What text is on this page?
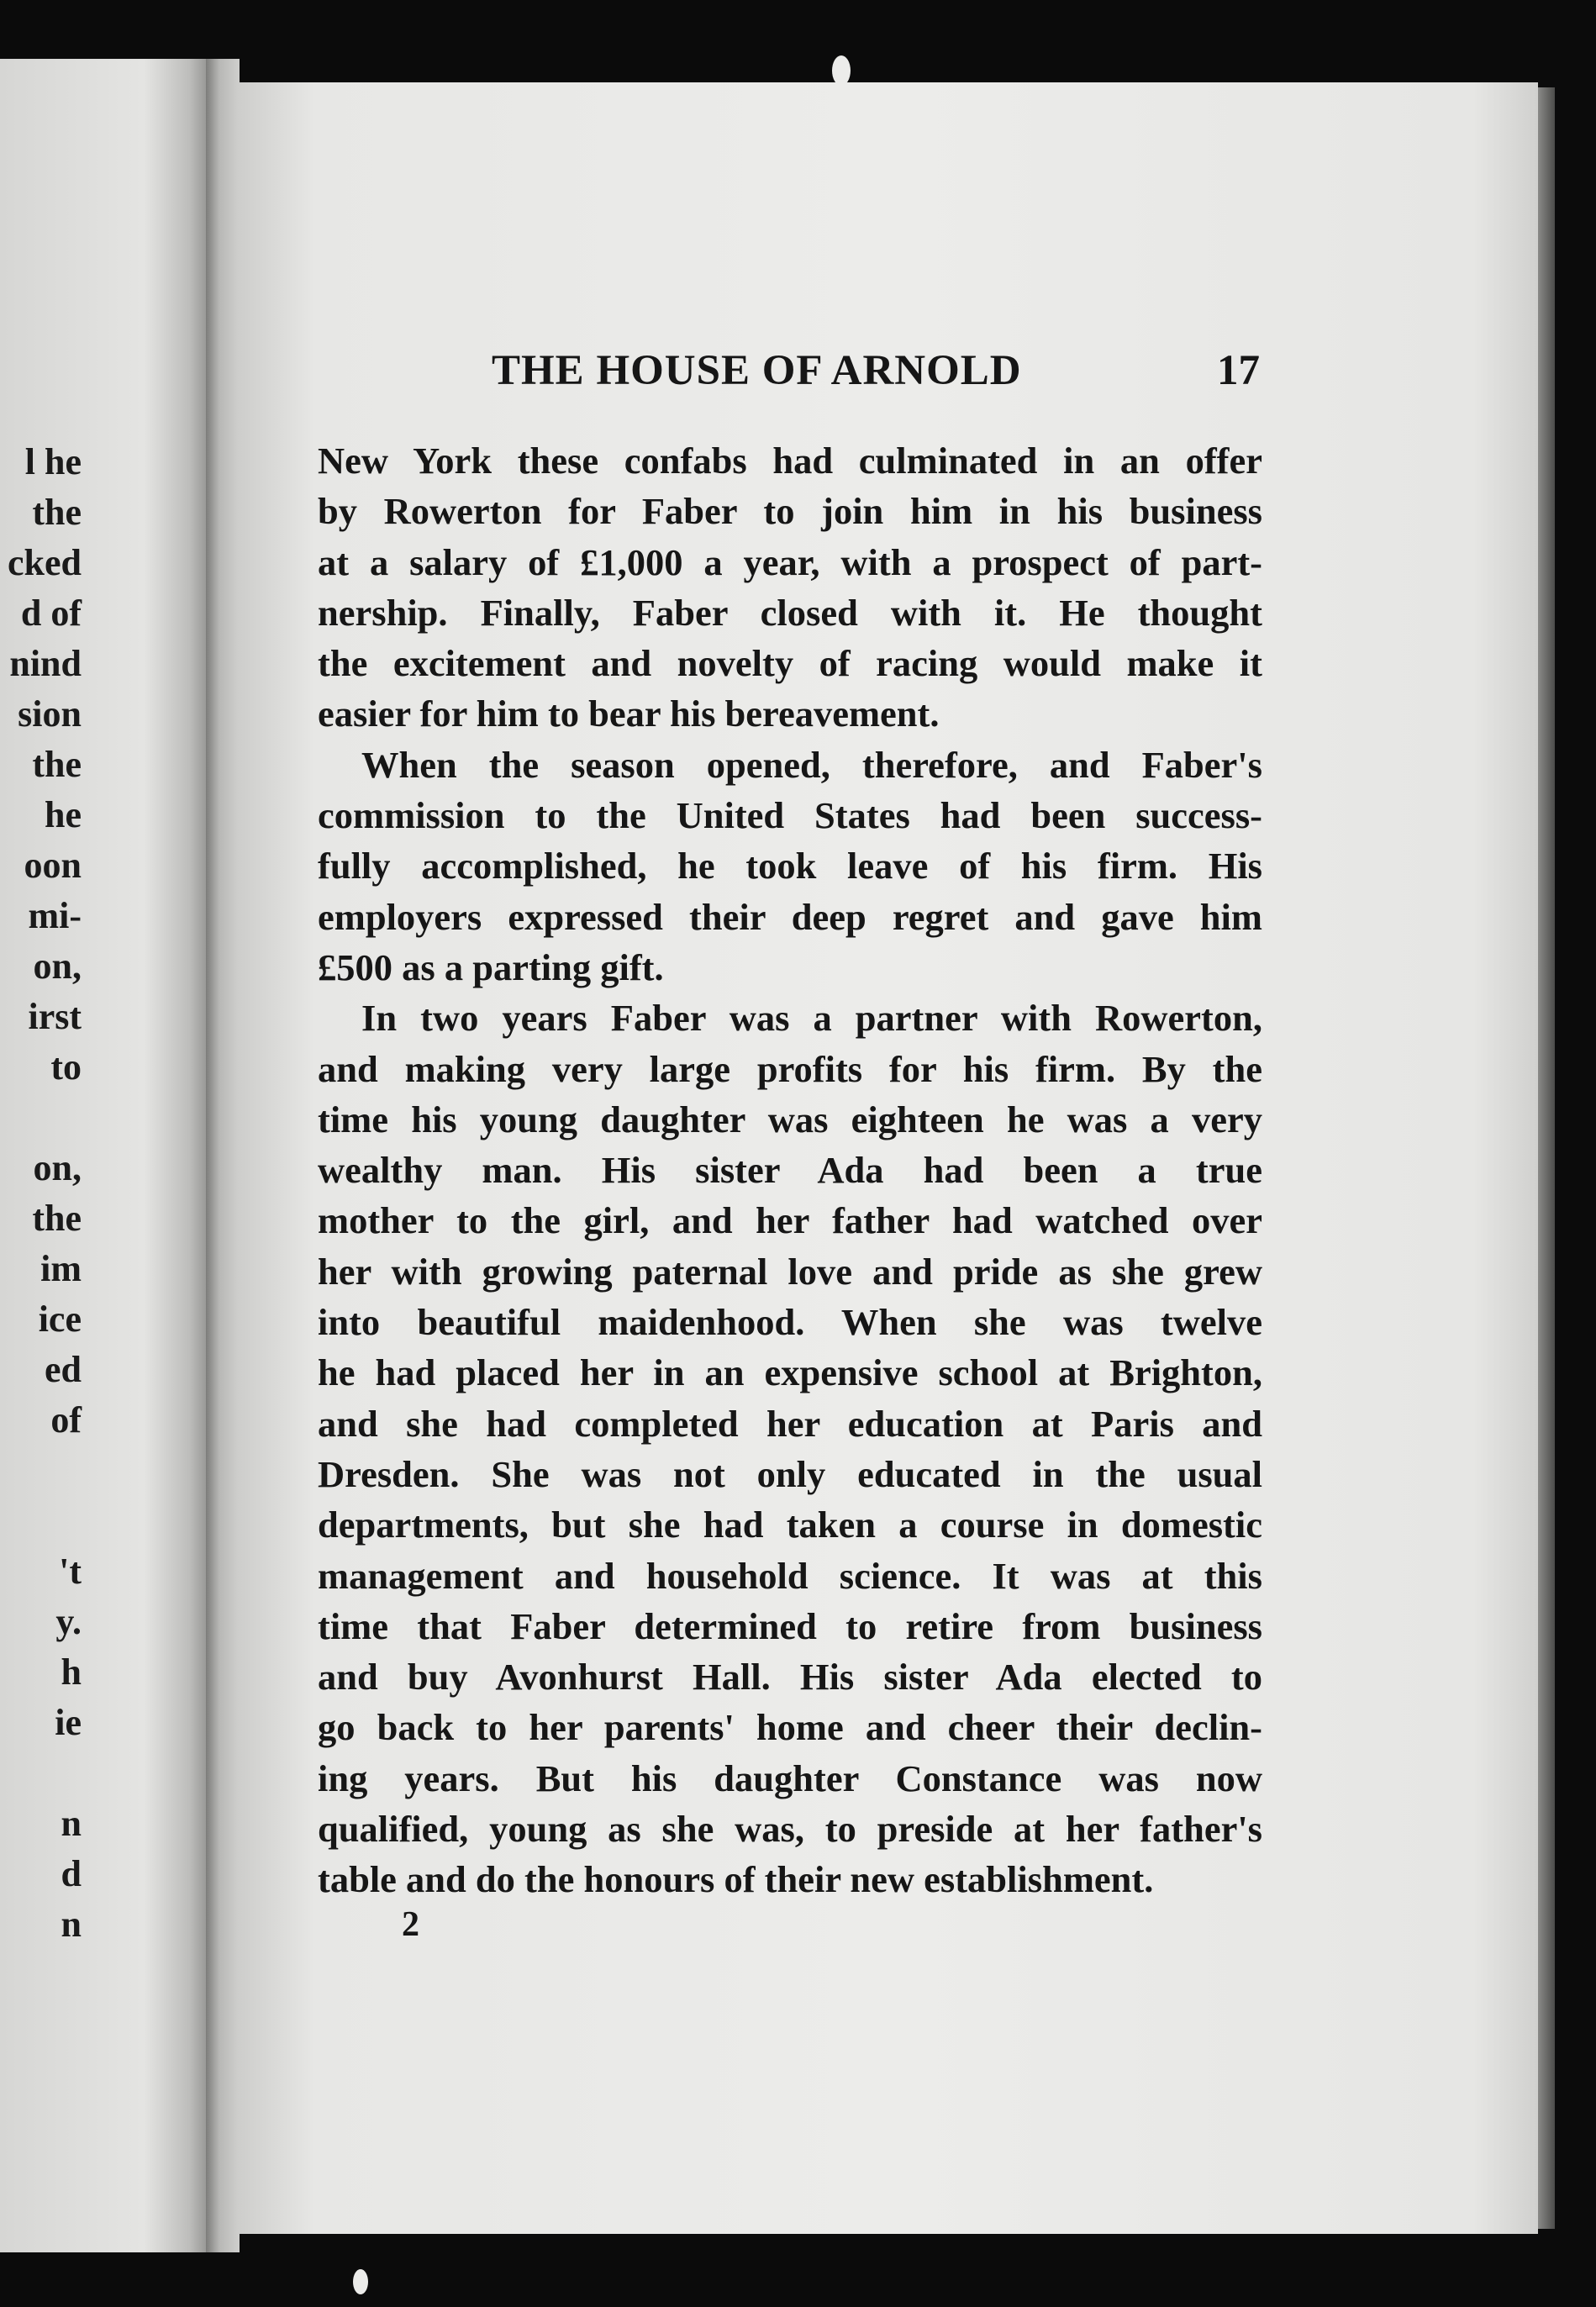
l he
the
cked
d of
nind
sion
the
he
oon
mi-
on,
irst
to
on,
the
im
ice
ed
of
't
y.
h
ie
n
d
n
THE HOUSE OF ARNOLD	17
New York these confabs had culminated in an offer
by Rowerton for Faber to join him in his business
at a salary of £1,000 a year, with a prospect of part-
nership. Finally, Faber closed with it. He thought
the excitement and novelty of racing would make it
easier for him to bear his bereavement.
When the season opened, therefore, and Faber's
commission to the United States had been success-
fully accomplished, he took leave of his firm. His
employers expressed their deep regret and gave him
£500 as a parting gift.
In two years Faber was a partner with Rowerton,
and making very large profits for his firm. By the
time his young daughter was eighteen he was a very
wealthy man. His sister Ada had been a true
mother to the girl, and her father had watched over
her with growing paternal love and pride as she grew
into beautiful maidenhood. When she was twelve
he had placed her in an expensive school at Brighton,
and she had completed her education at Paris and
Dresden. She was not only educated in the usual
departments, but she had taken a course in domestic
management and household science. It was at this
time that Faber determined to retire from business
and buy Avonhurst Hall. His sister Ada elected to
go back to her parents' home and cheer their declin-
ing years. But his daughter Constance was now
qualified, young as she was, to preside at her father's
table and do the honours of their new establishment.
2
